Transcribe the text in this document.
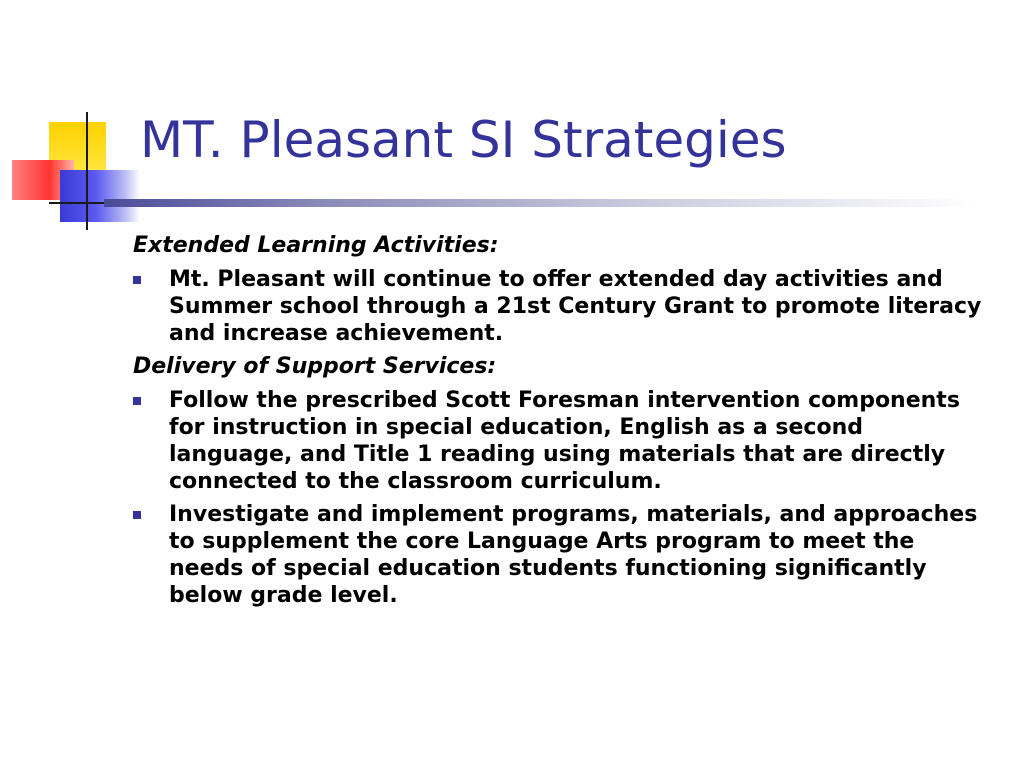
MT. Pleasant SI Strategies
Extended Learning Activities:
Mt. Pleasant will continue to offer extended day activities and Summer school through a 21st Century Grant to promote literacy and increase achievement.
Delivery of Support Services:
Follow the prescribed Scott Foresman intervention components for instruction in special education, English as a second language, and Title 1 reading using materials that are directly connected to the classroom curriculum.
Investigate and implement programs, materials, and approaches to supplement the core Language Arts program to meet the needs of special education students functioning significantly below grade level.
